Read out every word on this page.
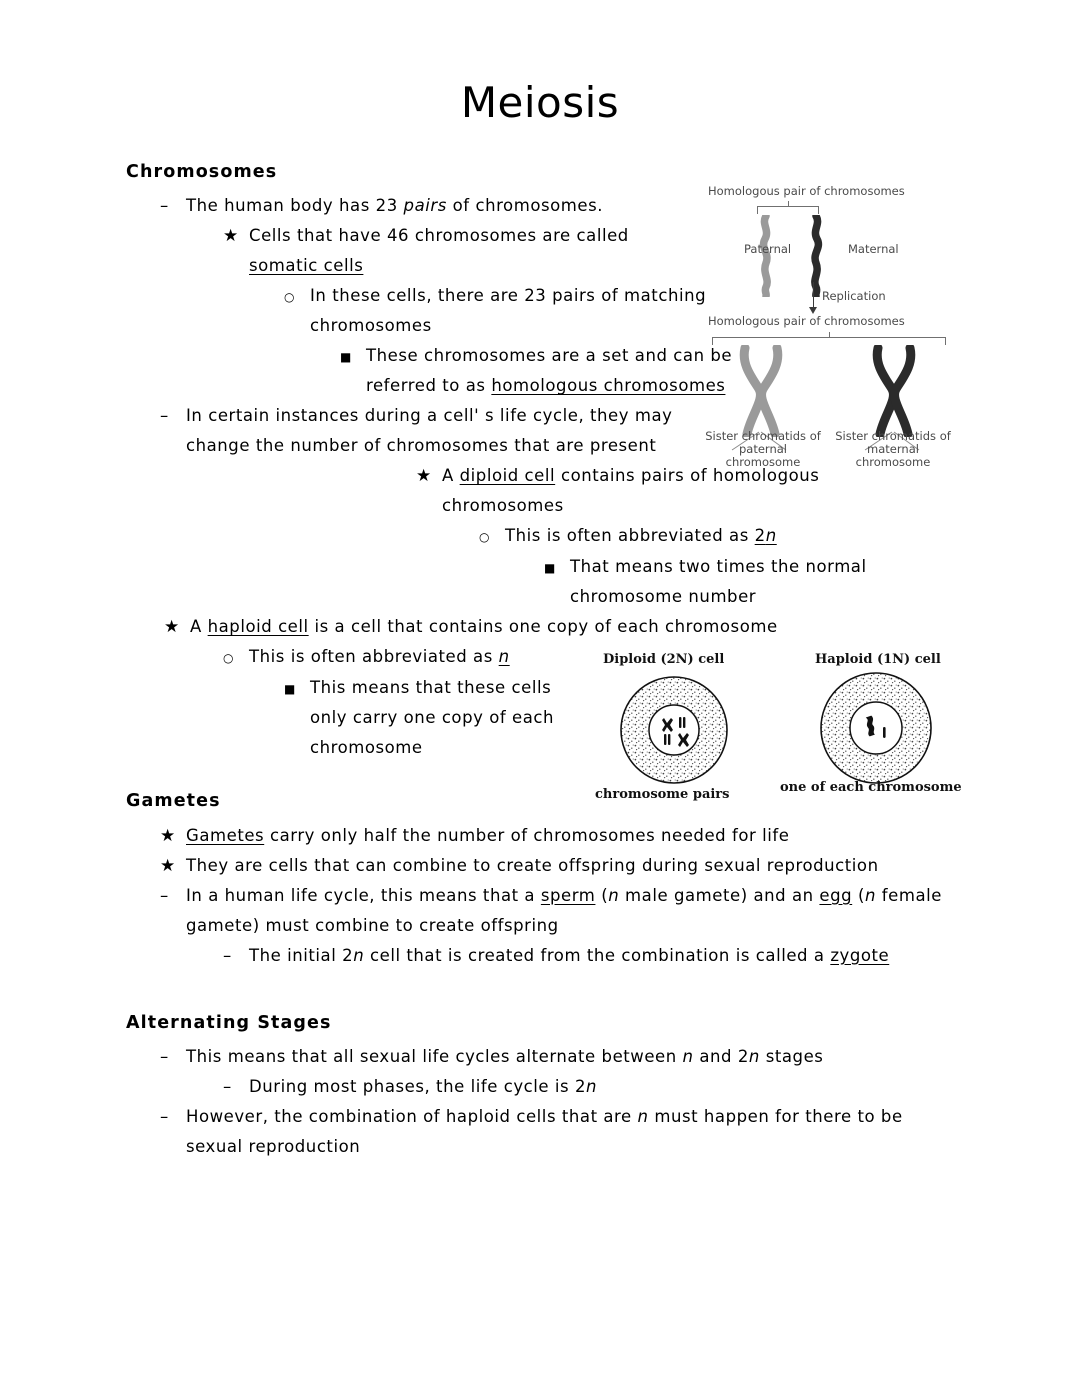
Meiosis
Homologous pair of chromosomes
Paternal	Maternal
Replication
Homologous pair of chromosomes
Sister chromatids of paternal chromosome
Sister chromatids of maternal chromosome
Diploid (2N) cell	Haploid (1N) cell
chromosome pairs	one of each chromosome
Chromosomes
–
The human body has 23 pairs of chromosomes.
★
Cells that have 46 chromosomes are called somatic cells
○
In these cells, there are 23 pairs of matching chromosomes
■
These chromosomes are a set and can be referred to as homologous chromosomes
–
In certain instances during a cell' s life cycle, they may change the number of chromosomes that are present
★
A diploid cell contains pairs of homologous chromosomes
○
This is often abbreviated as 2n
■
That means two times the normal chromosome number
★
A haploid cell is a cell that contains one copy of each chromosome
○
This is often abbreviated as n
■
This means that these cells only carry one copy of each chromosome
Gametes
★
Gametes carry only half the number of chromosomes needed for life
★
They are cells that can combine to create offspring during sexual reproduction
–
In a human life cycle, this means that a sperm (n male gamete) and an egg (n female gamete) must combine to create offspring
–
The initial 2n cell that is created from the combination is called a zygote
Alternating Stages
–
This means that all sexual life cycles alternate between n and 2n stages
–
During most phases, the life cycle is 2n
–
However, the combination of haploid cells that are n must happen for there to be sexual reproduction
